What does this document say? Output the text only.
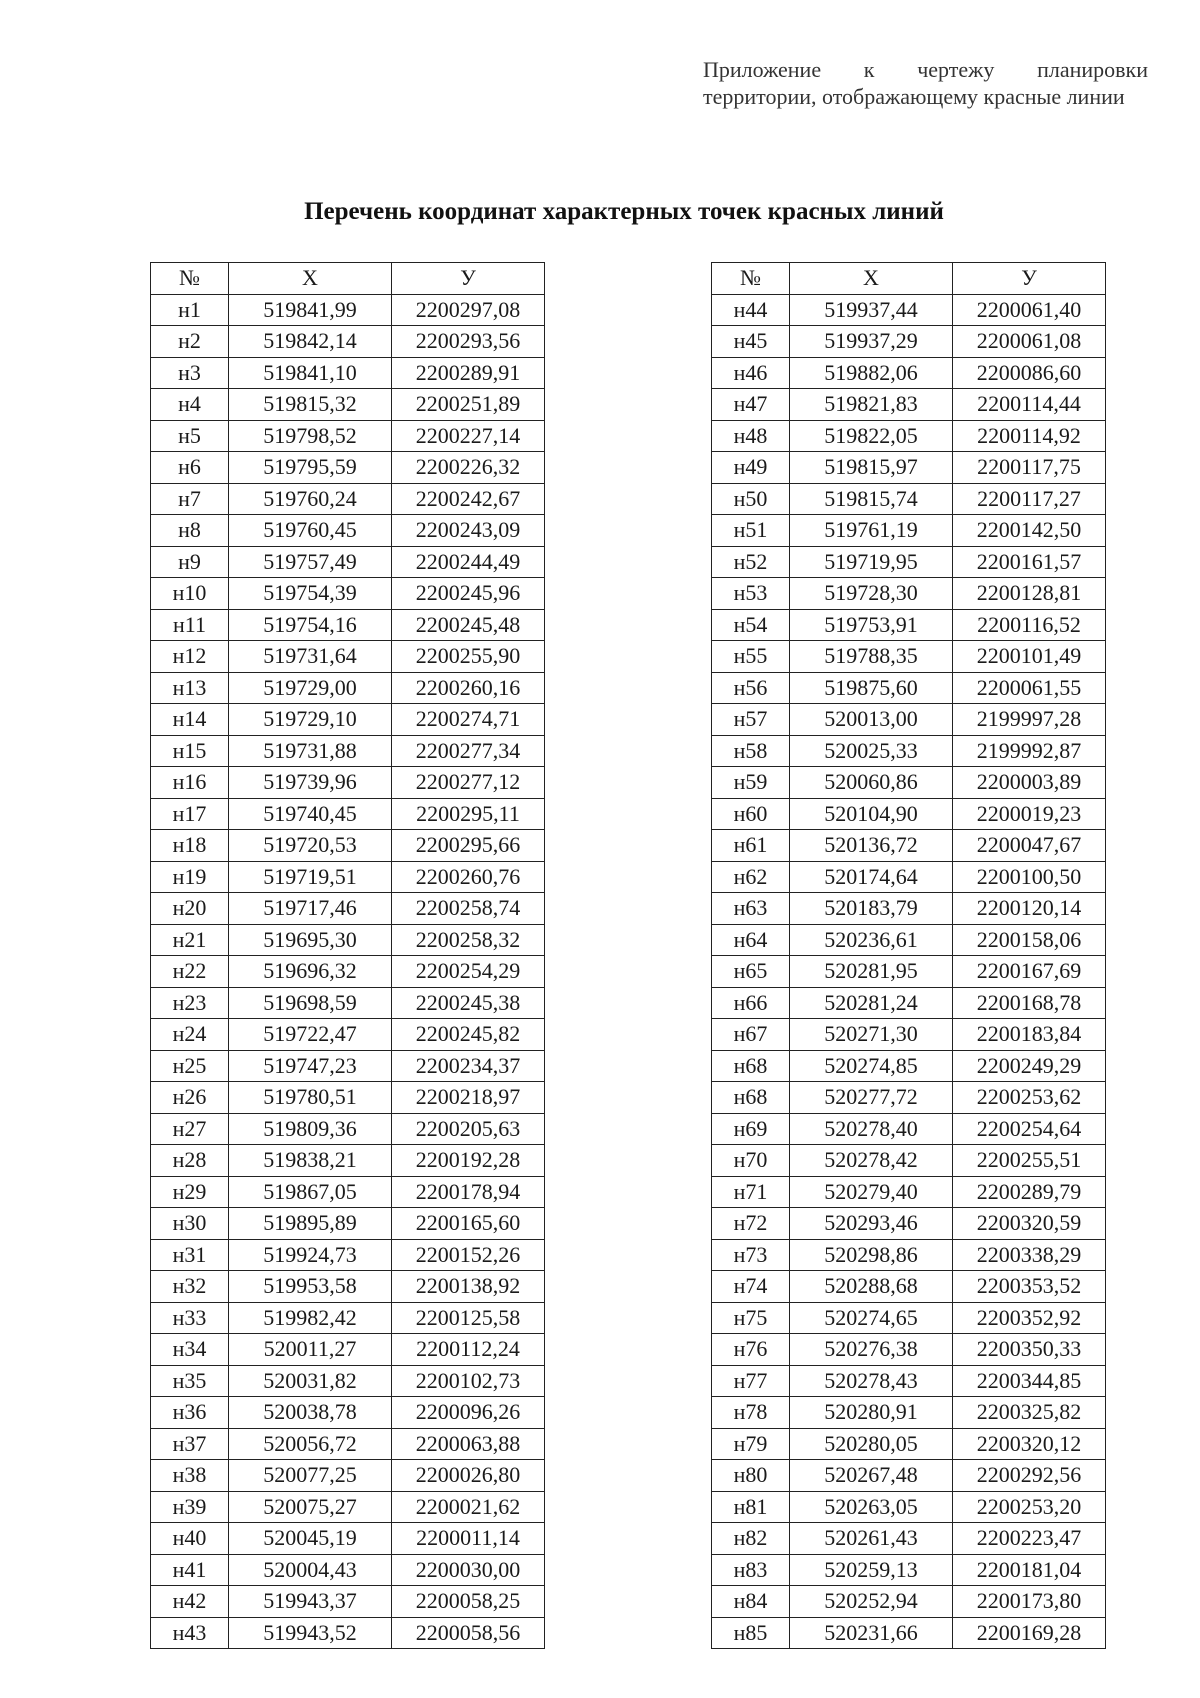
Приложение к чертежу планировки территории, отображающему красные линии
Перечень координат характерных точек красных линий
№	X	У
н1	519841,99	2200297,08
н2	519842,14	2200293,56
н3	519841,10	2200289,91
н4	519815,32	2200251,89
н5	519798,52	2200227,14
н6	519795,59	2200226,32
н7	519760,24	2200242,67
н8	519760,45	2200243,09
н9	519757,49	2200244,49
н10	519754,39	2200245,96
н11	519754,16	2200245,48
н12	519731,64	2200255,90
н13	519729,00	2200260,16
н14	519729,10	2200274,71
н15	519731,88	2200277,34
н16	519739,96	2200277,12
н17	519740,45	2200295,11
н18	519720,53	2200295,66
н19	519719,51	2200260,76
н20	519717,46	2200258,74
н21	519695,30	2200258,32
н22	519696,32	2200254,29
н23	519698,59	2200245,38
н24	519722,47	2200245,82
н25	519747,23	2200234,37
н26	519780,51	2200218,97
н27	519809,36	2200205,63
н28	519838,21	2200192,28
н29	519867,05	2200178,94
н30	519895,89	2200165,60
н31	519924,73	2200152,26
н32	519953,58	2200138,92
н33	519982,42	2200125,58
н34	520011,27	2200112,24
н35	520031,82	2200102,73
н36	520038,78	2200096,26
н37	520056,72	2200063,88
н38	520077,25	2200026,80
н39	520075,27	2200021,62
н40	520045,19	2200011,14
н41	520004,43	2200030,00
н42	519943,37	2200058,25
н43	519943,52	2200058,56
№	X	У
н44	519937,44	2200061,40
н45	519937,29	2200061,08
н46	519882,06	2200086,60
н47	519821,83	2200114,44
н48	519822,05	2200114,92
н49	519815,97	2200117,75
н50	519815,74	2200117,27
н51	519761,19	2200142,50
н52	519719,95	2200161,57
н53	519728,30	2200128,81
н54	519753,91	2200116,52
н55	519788,35	2200101,49
н56	519875,60	2200061,55
н57	520013,00	2199997,28
н58	520025,33	2199992,87
н59	520060,86	2200003,89
н60	520104,90	2200019,23
н61	520136,72	2200047,67
н62	520174,64	2200100,50
н63	520183,79	2200120,14
н64	520236,61	2200158,06
н65	520281,95	2200167,69
н66	520281,24	2200168,78
н67	520271,30	2200183,84
н68	520274,85	2200249,29
н68	520277,72	2200253,62
н69	520278,40	2200254,64
н70	520278,42	2200255,51
н71	520279,40	2200289,79
н72	520293,46	2200320,59
н73	520298,86	2200338,29
н74	520288,68	2200353,52
н75	520274,65	2200352,92
н76	520276,38	2200350,33
н77	520278,43	2200344,85
н78	520280,91	2200325,82
н79	520280,05	2200320,12
н80	520267,48	2200292,56
н81	520263,05	2200253,20
н82	520261,43	2200223,47
н83	520259,13	2200181,04
н84	520252,94	2200173,80
н85	520231,66	2200169,28
